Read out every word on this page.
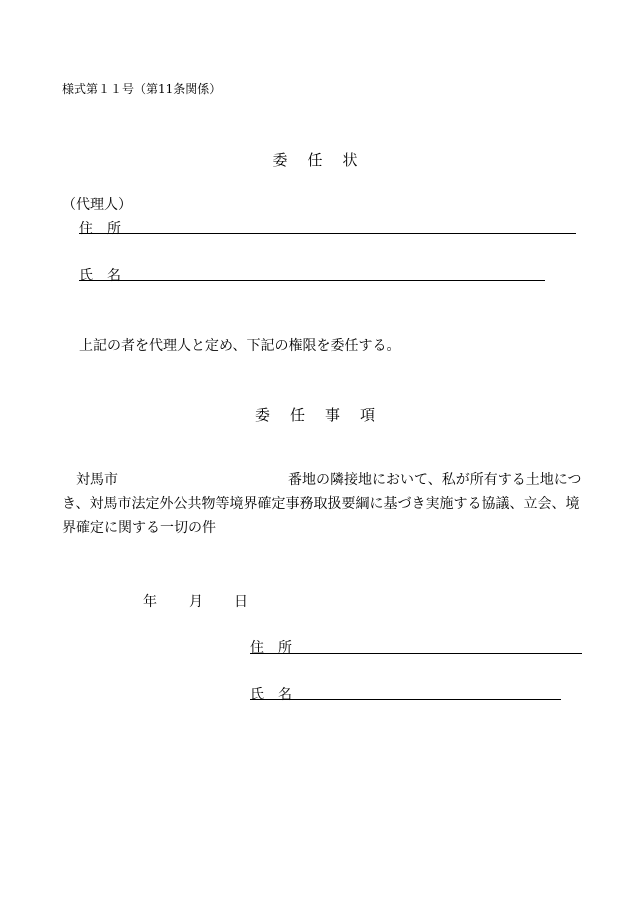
様式第１１号（第11条関係）
委 任 状
（代理人）
住　所
氏　名
上記の者を代理人と定め、下記の権限を委任する。
委 任 事 項
対馬市	番地の隣接地において、私が所有する土地につき、対馬市法定外公共物等境界確定事務取扱要綱に基づき実施する協議、立会、境界確定に関する一切の件
年 月 日
住　所
氏　名
